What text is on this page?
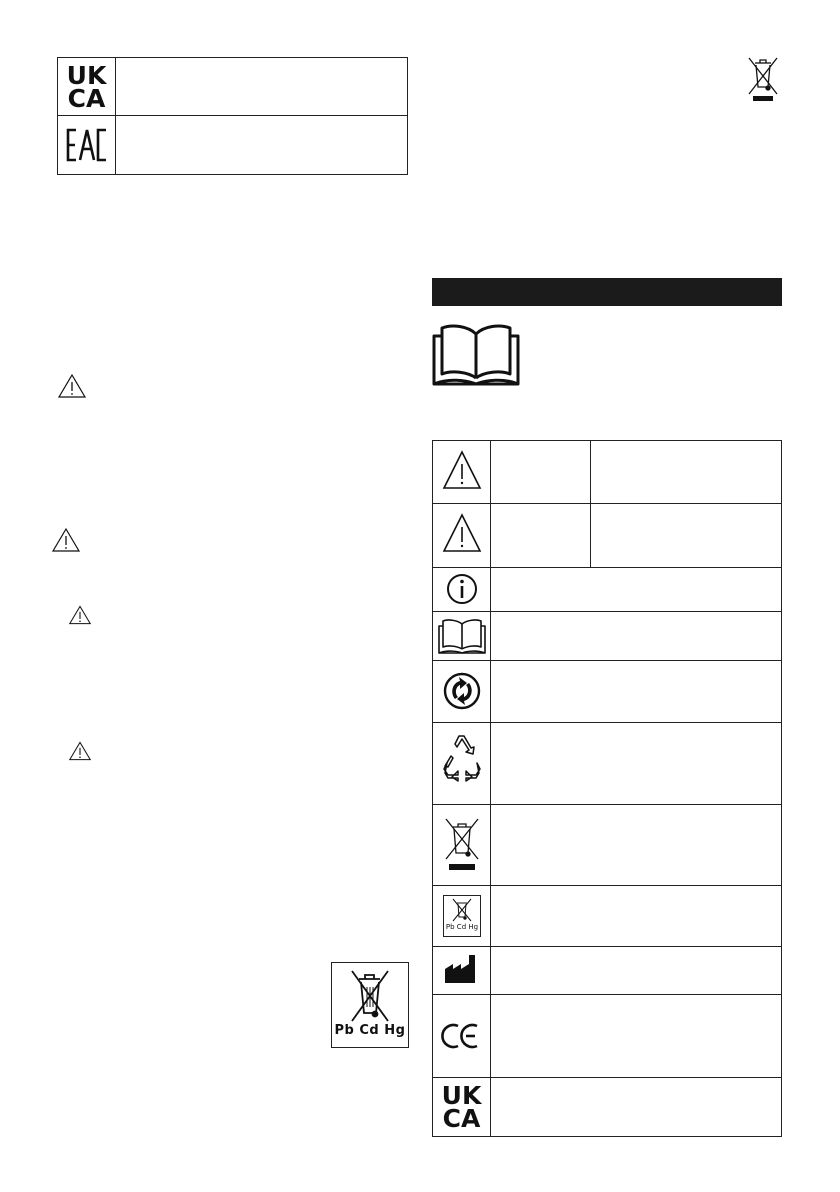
UK
CA
Pb Cd Hg
Pb Cd Hg
UK
CA
